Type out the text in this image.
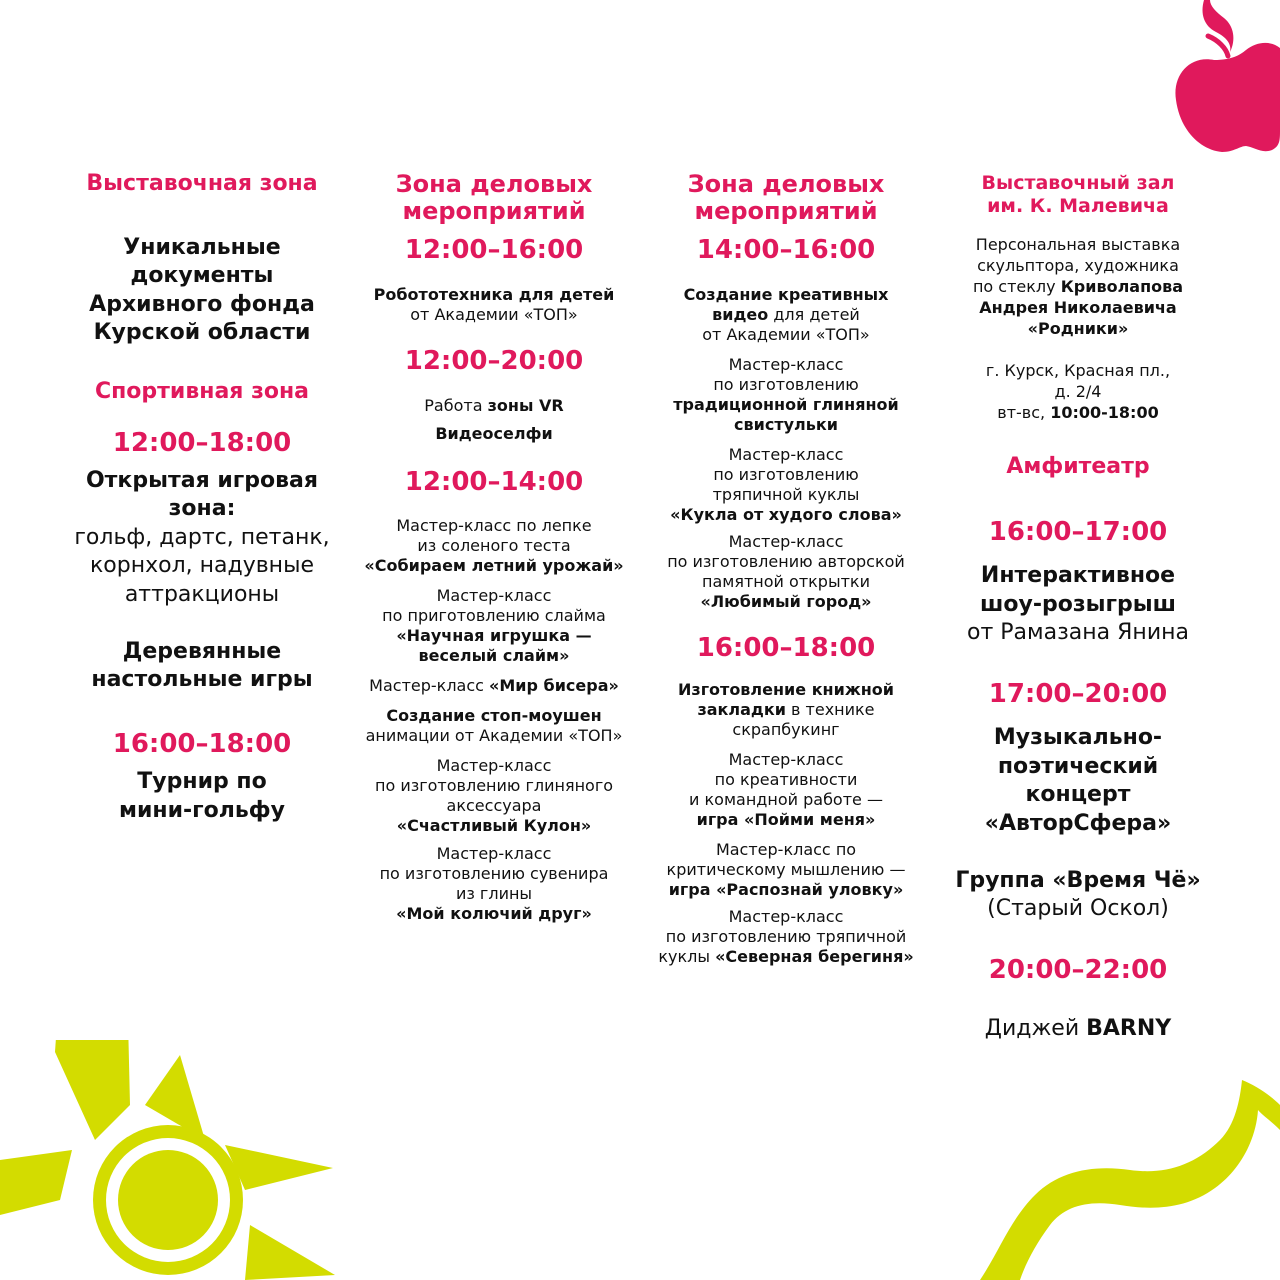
Выставочная зона
Уникальные
документы
Архивного фонда
Курской области
Спортивная зона
12:00–18:00
Открытая игровая
зона:
гольф, дартс, петанк,
корнхол, надувные
аттракционы
Деревянные
настольные игры
16:00–18:00
Турнир по
мини-гольфу
Зона деловых
мероприятий
12:00–16:00
Робототехника для детей
от Академии «ТОП»
12:00–20:00
Работа зоны VR
Видеоселфи
12:00–14:00
Мастер-класс по лепке
из соленого теста
«Собираем летний урожай»
Мастер-класс
по приготовлению слайма
«Научная игрушка —
веселый слайм»
Мастер-класс «Мир бисера»
Создание стоп-моушен
анимации от Академии «ТОП»
Мастер-класс
по изготовлению глиняного
аксессуара
«Счастливый Кулон»
Мастер-класс
по изготовлению сувенира
из глины
«Мой колючий друг»
Зона деловых
мероприятий
14:00–16:00
Создание креативных
видео для детей
от Академии «ТОП»
Мастер-класс
по изготовлению
традиционной глиняной
свистульки
Мастер-класс
по изготовлению
тряпичной куклы
«Кукла от худого слова»
Мастер-класс
по изготовлению авторской
памятной открытки
«Любимый город»
16:00–18:00
Изготовление книжной
закладки в технике
скрапбукинг
Мастер-класс
по креативности
и командной работе —
игра «Пойми меня»
Мастер-класс по
критическому мышлению —
игра «Распознай уловку»
Мастер-класс
по изготовлению тряпичной
куклы «Северная берегиня»
Выставочный зал
им. К. Малевича
Персональная выставка
скульптора, художника
по стеклу Криволапова
Андрея Николаевича
«Родники»
г. Курск, Красная пл.,
д. 2/4
вт-вс, 10:00-18:00
Амфитеатр
16:00–17:00
Интерактивное
шоу-розыгрыш
от Рамазана Янина
17:00–20:00
Музыкально-
поэтический
концерт
«АвторСфера»
Группа «Время Чё»
(Старый Оскол)
20:00–22:00
Диджей BARNY
